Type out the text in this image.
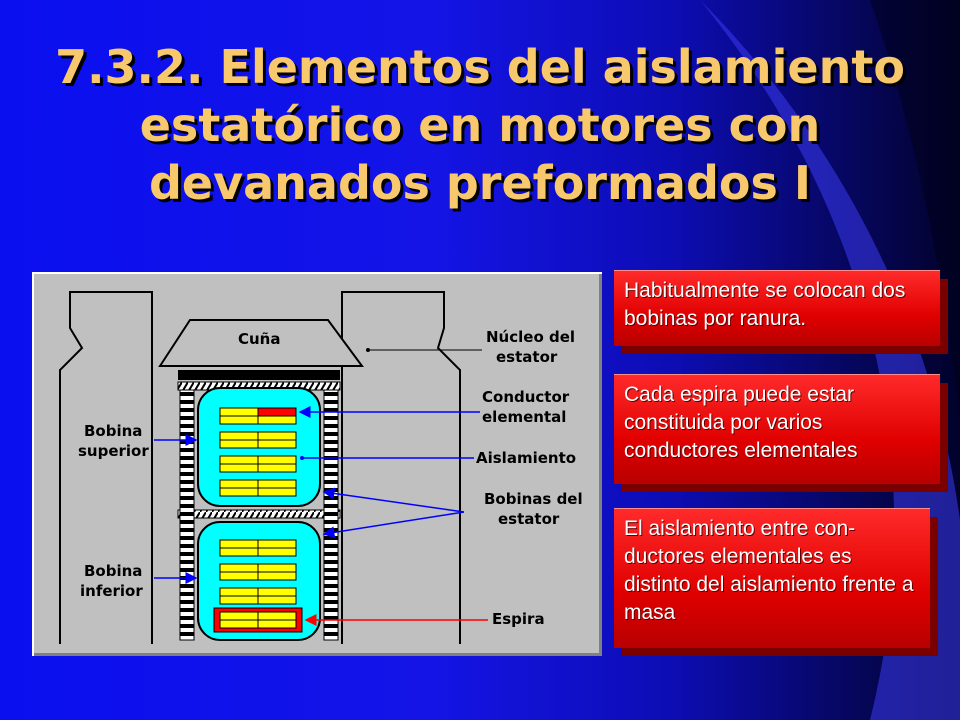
7.3.2. Elementos del aislamiento
estatórico en motores con
devanados preformados I
Cuña
Bobina
superior
Bobina
inferior
Núcleo del
estator
Conductor
elemental
Aislamiento
Bobinas del
estator
Espira

Habitualmente se colocan dos bobinas por ranura.

Cada espira puede estar constituida por varios conductores elementales

El aislamiento entre con- ductores elementales es distinto del aislamiento frente a masa
